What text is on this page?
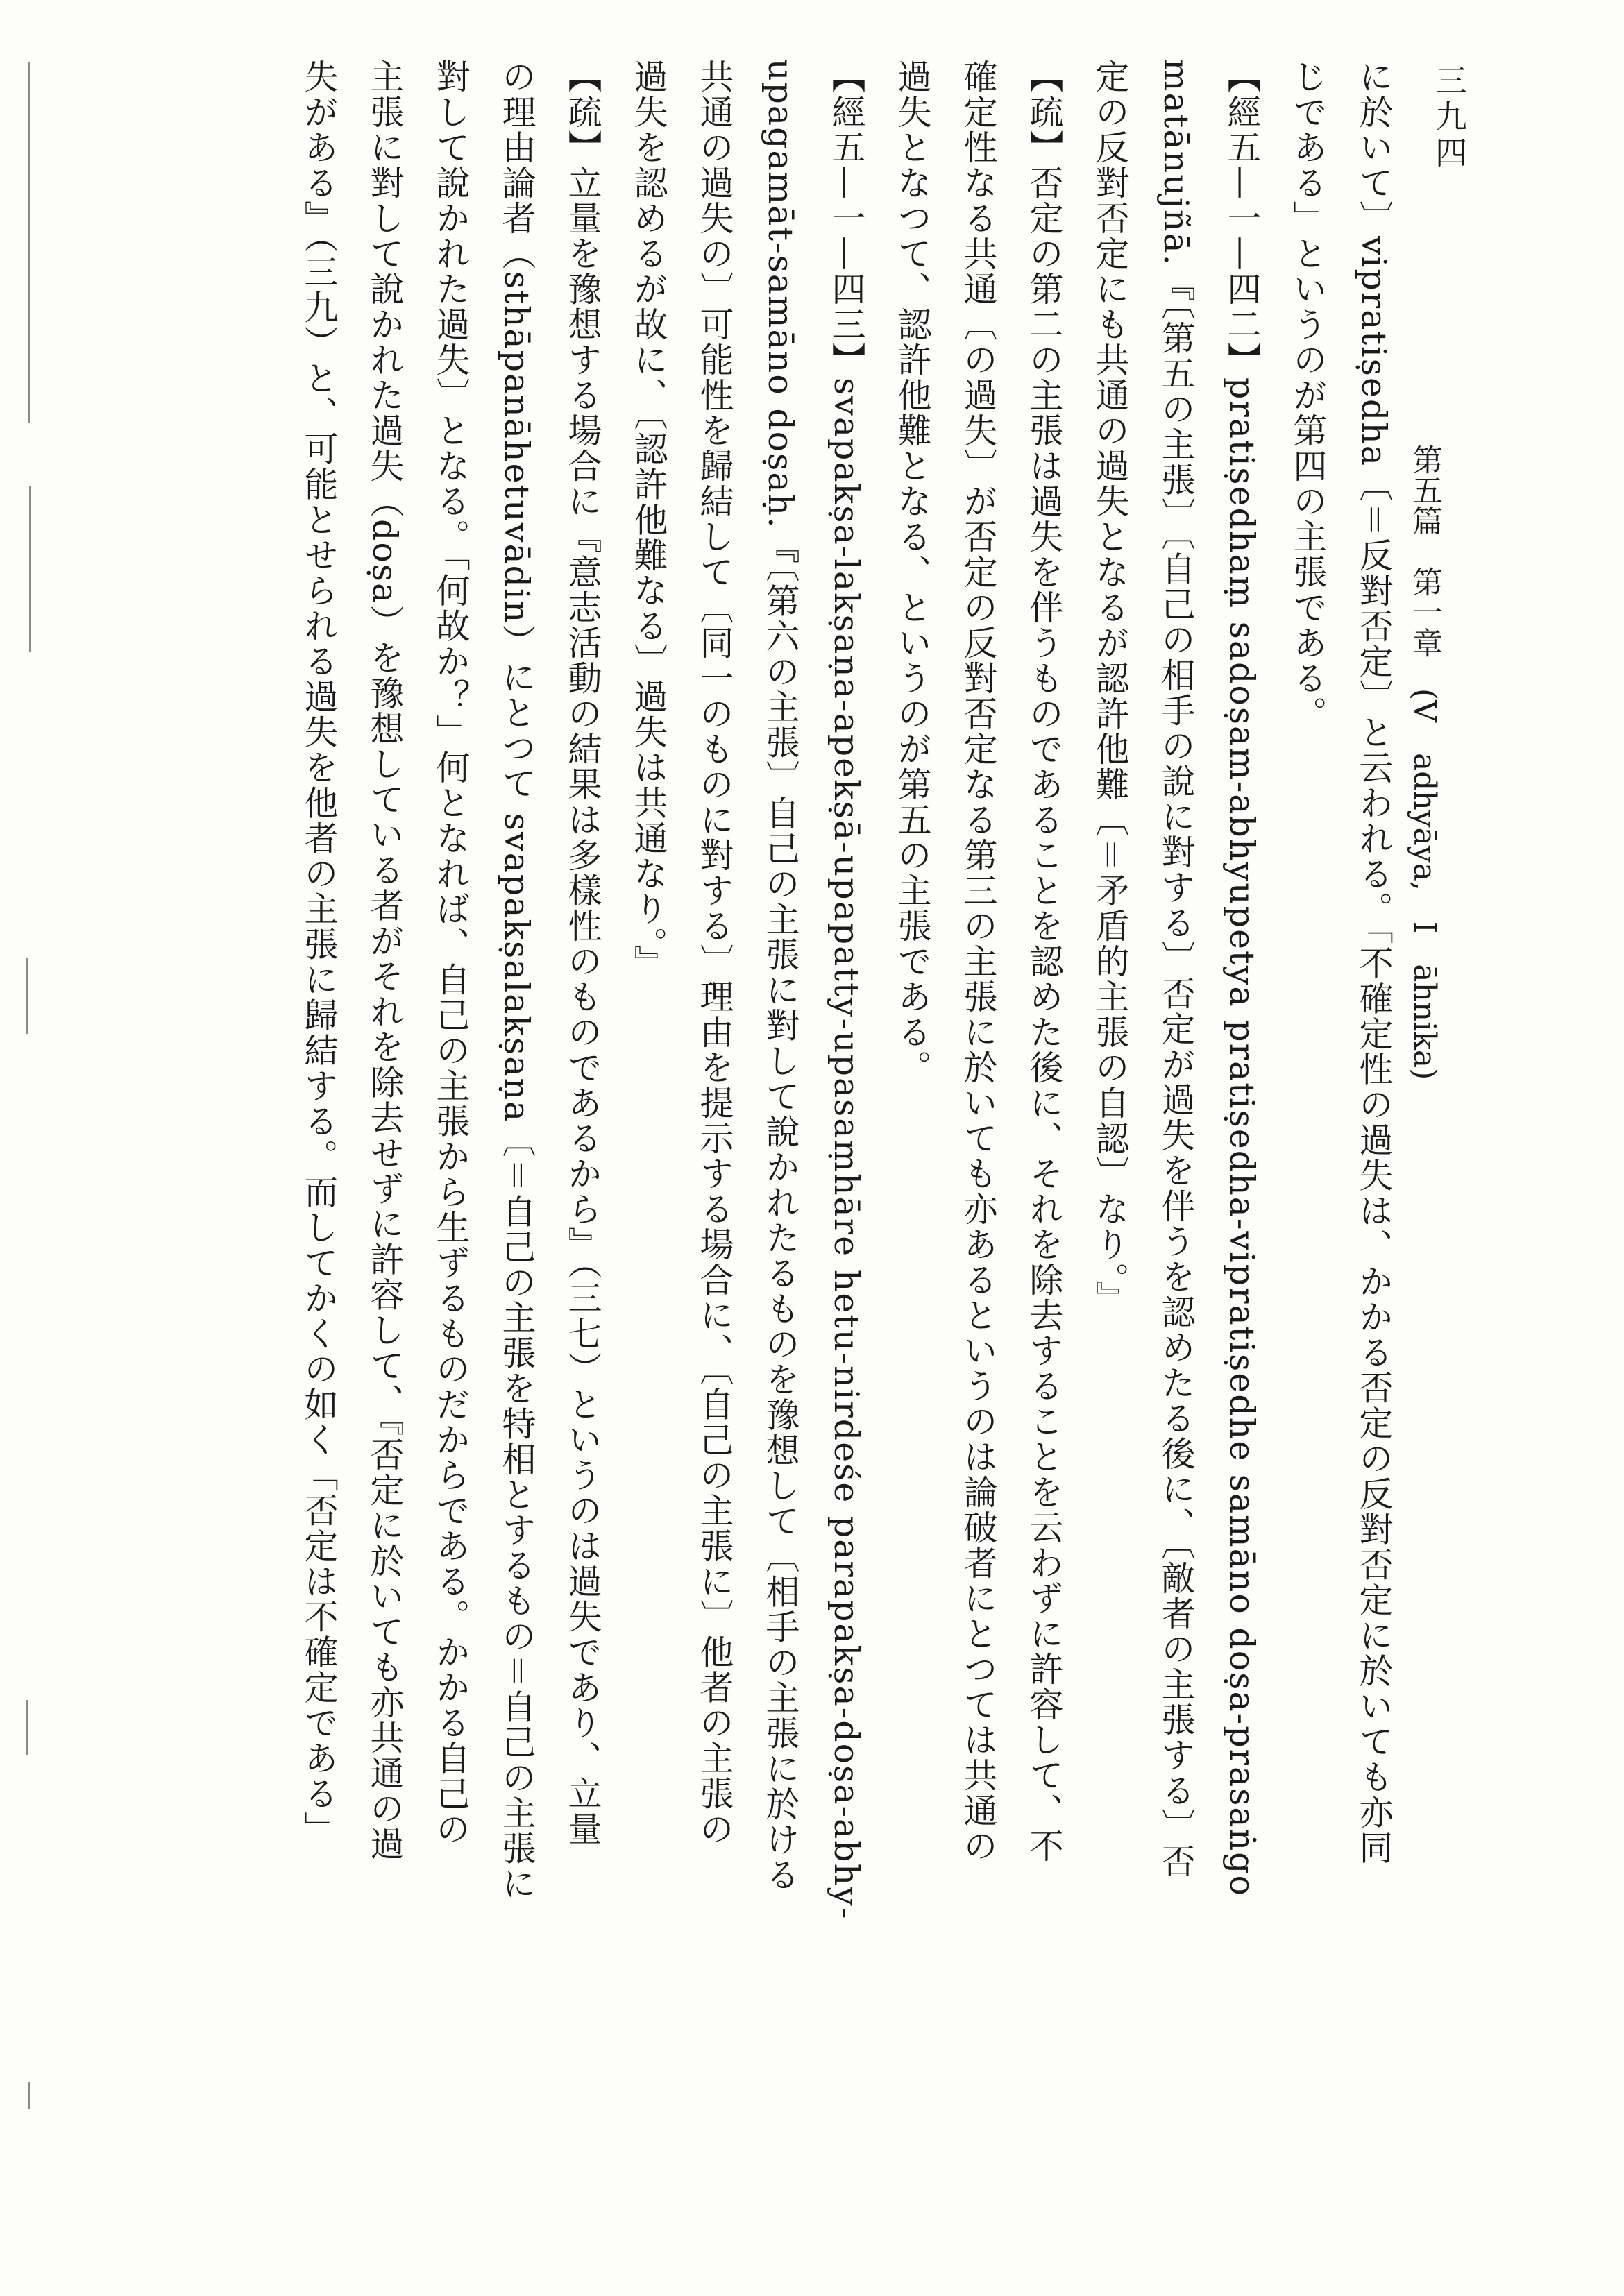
三九四
第五篇　第一章　(V　adhyāya,　I　āhnika)
に於いて〕vipratiṣedha〔＝反對否定〕と云われる。「不確定性の過失は、かかる否定の反對否定に於いても亦同
じである」というのが第四の主張である。
【經五—一—四二】pratiṣedhaṃ sadoṣam-abhyupetya pratiṣedha-vipratiṣedhe samāno doṣa-prasaṅgo
matānujñā.『〔第五の主張〕〔自己の相手の說に對する〕否定が過失を伴うを認めたる後に、〔敵者の主張する〕否
定の反對否定にも共通の過失となるが認許他難〔＝矛盾的主張の自認〕なり。』
【疏】否定の第二の主張は過失を伴うものであることを認めた後に、それを除去することを云わずに許容して、不
確定性なる共通〔の過失〕が否定の反對否定なる第三の主張に於いても亦あるというのは論破者にとつては共通の
過失となつて、認許他難となる、というのが第五の主張である。
【經五—一—四三】svapakṣa-lakṣaṇa-apekṣā-upapatty-upasaṃhāre hetu-nirdeśe parapakṣa-doṣa-abhy-
upagamāt-samāno doṣaḥ.『〔第六の主張〕自己の主張に對して說かれたるものを豫想して〔相手の主張に於ける
共通の過失の〕可能性を歸結して〔同一のものに對する〕理由を提示する場合に、〔自己の主張に〕他者の主張の
過失を認めるが故に、〔認許他難なる〕過失は共通なり。』
【疏】立量を豫想する場合に『意志活動の結果は多樣性のものであるから』（三七）というのは過失であり、立量
の理由論者（sthāpanāhetuvādin）にとつて svapakṣalakṣaṇa〔＝自己の主張を特相とするもの＝自己の主張に
對して說かれた過失〕となる。「何故か？」何となれば、自己の主張から生ずるものだからである。かかる自己の
主張に對して說かれた過失（doṣa）を豫想している者がそれを除去せずに許容して、『否定に於いても亦共通の過
失がある』（三九）と、可能とせられる過失を他者の主張に歸結する。而してかくの如く「否定は不確定である」
